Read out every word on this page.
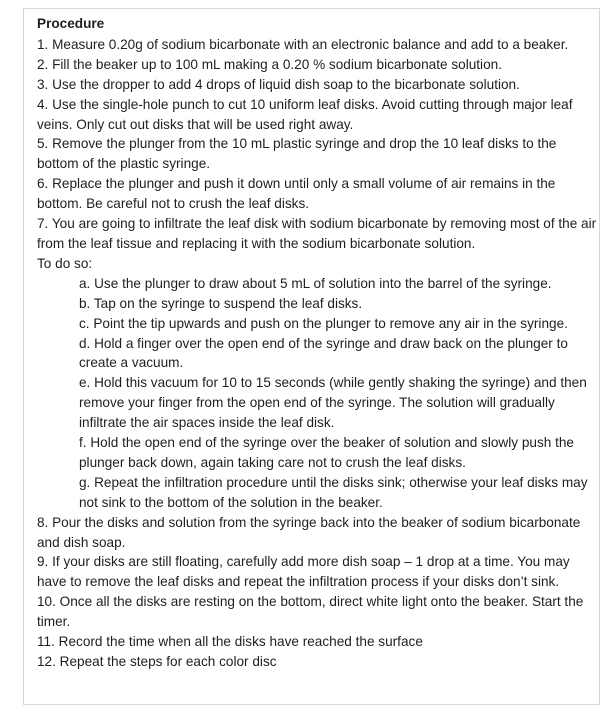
Procedure

1. Measure 0.20g of sodium bicarbonate with an electronic balance and add to a beaker.

2. Fill the beaker up to 100 mL making a 0.20 % sodium bicarbonate solution.

3. Use the dropper to add 4 drops of liquid dish soap to the bicarbonate solution.

4. Use the single-hole punch to cut 10 uniform leaf disks. Avoid cutting through major leaf veins. Only cut out disks that will be used right away.

5. Remove the plunger from the 10 mL plastic syringe and drop the 10 leaf disks to the bottom of the plastic syringe.

6. Replace the plunger and push it down until only a small volume of air remains in the bottom. Be careful not to crush the leaf disks.

7. You are going to infiltrate the leaf disk with sodium bicarbonate by removing most of the air from the leaf tissue and replacing it with the sodium bicarbonate solution.

To do so:

a. Use the plunger to draw about 5 mL of solution into the barrel of the syringe.

b. Tap on the syringe to suspend the leaf disks.

c. Point the tip upwards and push on the plunger to remove any air in the syringe.

d. Hold a finger over the open end of the syringe and draw back on the plunger to create a vacuum.

e. Hold this vacuum for 10 to 15 seconds (while gently shaking the syringe) and then remove your finger from the open end of the syringe. The solution will gradually infiltrate the air spaces inside the leaf disk.

f. Hold the open end of the syringe over the beaker of solution and slowly push the plunger back down, again taking care not to crush the leaf disks.

g. Repeat the infiltration procedure until the disks sink; otherwise your leaf disks may not sink to the bottom of the solution in the beaker.

8. Pour the disks and solution from the syringe back into the beaker of sodium bicarbonate and dish soap.

9. If your disks are still floating, carefully add more dish soap – 1 drop at a time. You may have to remove the leaf disks and repeat the infiltration process if your disks don’t sink.

10. Once all the disks are resting on the bottom, direct white light onto the beaker. Start the timer.

11. Record the time when all the disks have reached the surface

12. Repeat the steps for each color disc
